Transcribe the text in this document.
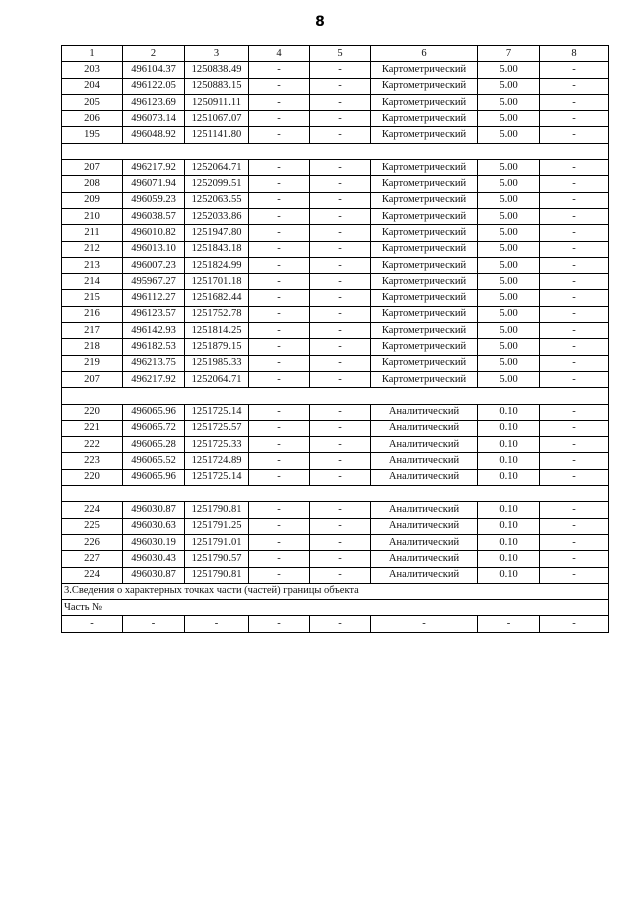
8
1	2	3	4	5	6	7	8
203	496104.37	1250838.49	-	-	Картометрический	5.00	-
204	496122.05	1250883.15	-	-	Картометрический	5.00	-
205	496123.69	1250911.11	-	-	Картометрический	5.00	-
206	496073.14	1251067.07	-	-	Картометрический	5.00	-
195	496048.92	1251141.80	-	-	Картометрический	5.00	-

207	496217.92	1252064.71	-	-	Картометрический	5.00	-
208	496071.94	1252099.51	-	-	Картометрический	5.00	-
209	496059.23	1252063.55	-	-	Картометрический	5.00	-
210	496038.57	1252033.86	-	-	Картометрический	5.00	-
211	496010.82	1251947.80	-	-	Картометрический	5.00	-
212	496013.10	1251843.18	-	-	Картометрический	5.00	-
213	496007.23	1251824.99	-	-	Картометрический	5.00	-
214	495967.27	1251701.18	-	-	Картометрический	5.00	-
215	496112.27	1251682.44	-	-	Картометрический	5.00	-
216	496123.57	1251752.78	-	-	Картометрический	5.00	-
217	496142.93	1251814.25	-	-	Картометрический	5.00	-
218	496182.53	1251879.15	-	-	Картометрический	5.00	-
219	496213.75	1251985.33	-	-	Картометрический	5.00	-
207	496217.92	1252064.71	-	-	Картометрический	5.00	-

220	496065.96	1251725.14	-	-	Аналитический	0.10	-
221	496065.72	1251725.57	-	-	Аналитический	0.10	-
222	496065.28	1251725.33	-	-	Аналитический	0.10	-
223	496065.52	1251724.89	-	-	Аналитический	0.10	-
220	496065.96	1251725.14	-	-	Аналитический	0.10	-

224	496030.87	1251790.81	-	-	Аналитический	0.10	-
225	496030.63	1251791.25	-	-	Аналитический	0.10	-
226	496030.19	1251791.01	-	-	Аналитический	0.10	-
227	496030.43	1251790.57	-	-	Аналитический	0.10	-
224	496030.87	1251790.81	-	-	Аналитический	0.10	-
3.Сведения о характерных точках части (частей) границы объекта							
Часть №							
-	-	-	-	-	-	-	-
